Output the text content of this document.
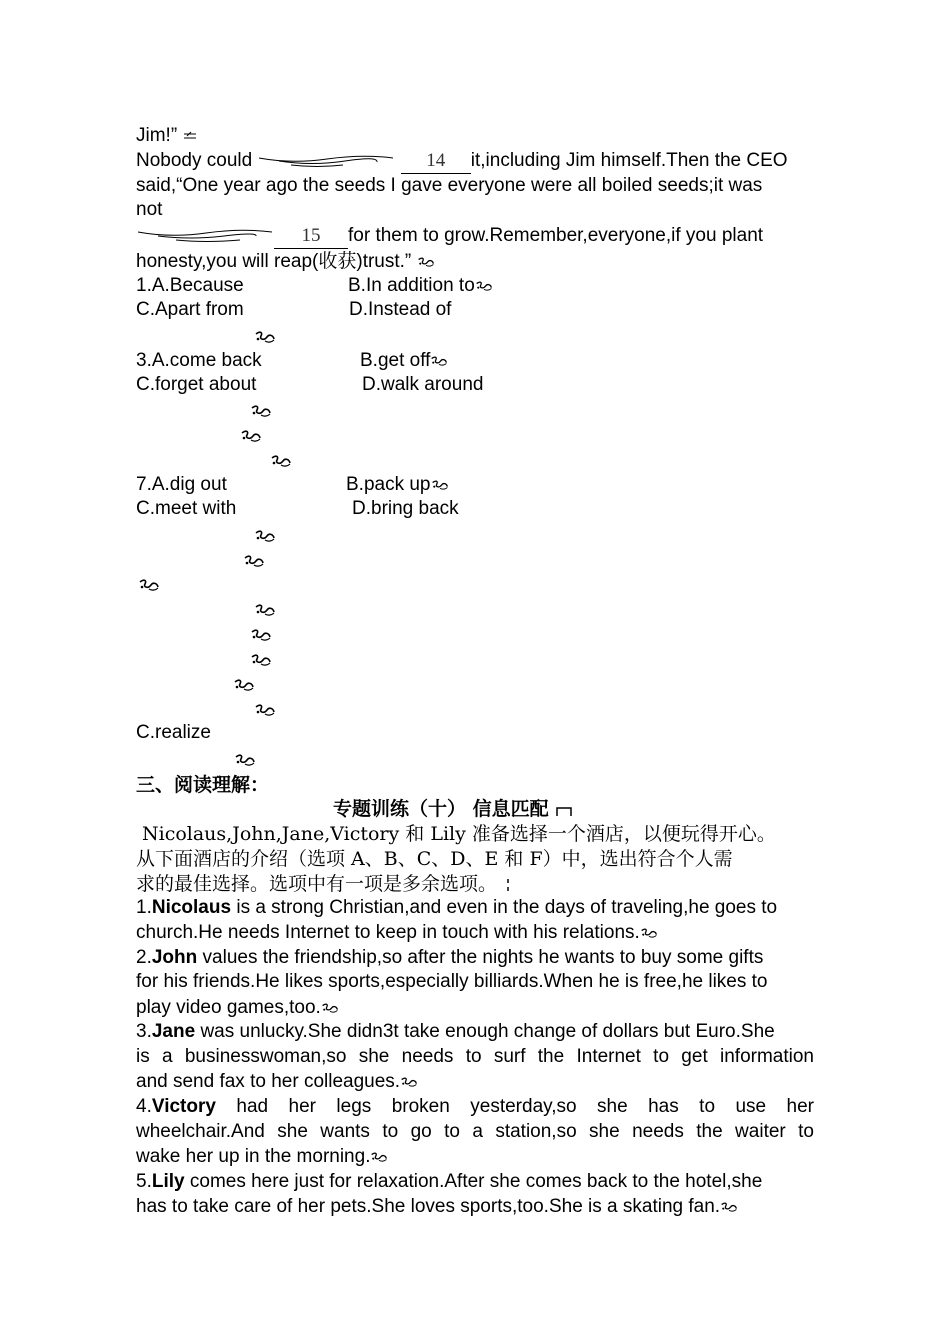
Jim!”
Nobody could	14 it,including Jim himself.Then the CEO
said,“One year ago the seeds I gave everyone were all boiled seeds;it was
not
15 for them to grow.Remember,everyone,if you plant
honesty,you will reap(收获)trust.”
1.A.Because	B.In addition to
C.Apart from	D.Instead of
3.A.come back	B.get off
C.forget about	D.walk around
7.A.dig out	B.pack up
C.meet with	D.bring back
C.realize
三、阅读理解：
专题训练（十） 信息匹配
Nicolaus,John,Jane,Victory 和 Lily 准备选择一个酒店，以便玩得开心。
从下面酒店的介绍（选项 A、B、C、D、E 和 F）中，选出符合个人需
求的最佳选择。选项中有一项是多余选项。
1.Nicolaus is a strong Christian,and even in the days of traveling,he goes to
church.He needs Internet to keep in touch with his relations.
2.John values the friendship,so after the nights he wants to buy some gifts
for his friends.He likes sports,especially billiards.When he is free,he likes to
play video games,too.
3.Jane was unlucky.She didn3t take enough change of dollars but Euro.She
is a businesswoman,so she needs to surf the Internet to get information
and send fax to her colleagues.
4.Victory had her legs broken yesterday,so she has to use her
wheelchair.And she wants to go to a station,so she needs the waiter to
wake her up in the morning.
5.Lily comes here just for relaxation.After she comes back to the hotel,she
has to take care of her pets.She loves sports,too.She is a skating fan.
